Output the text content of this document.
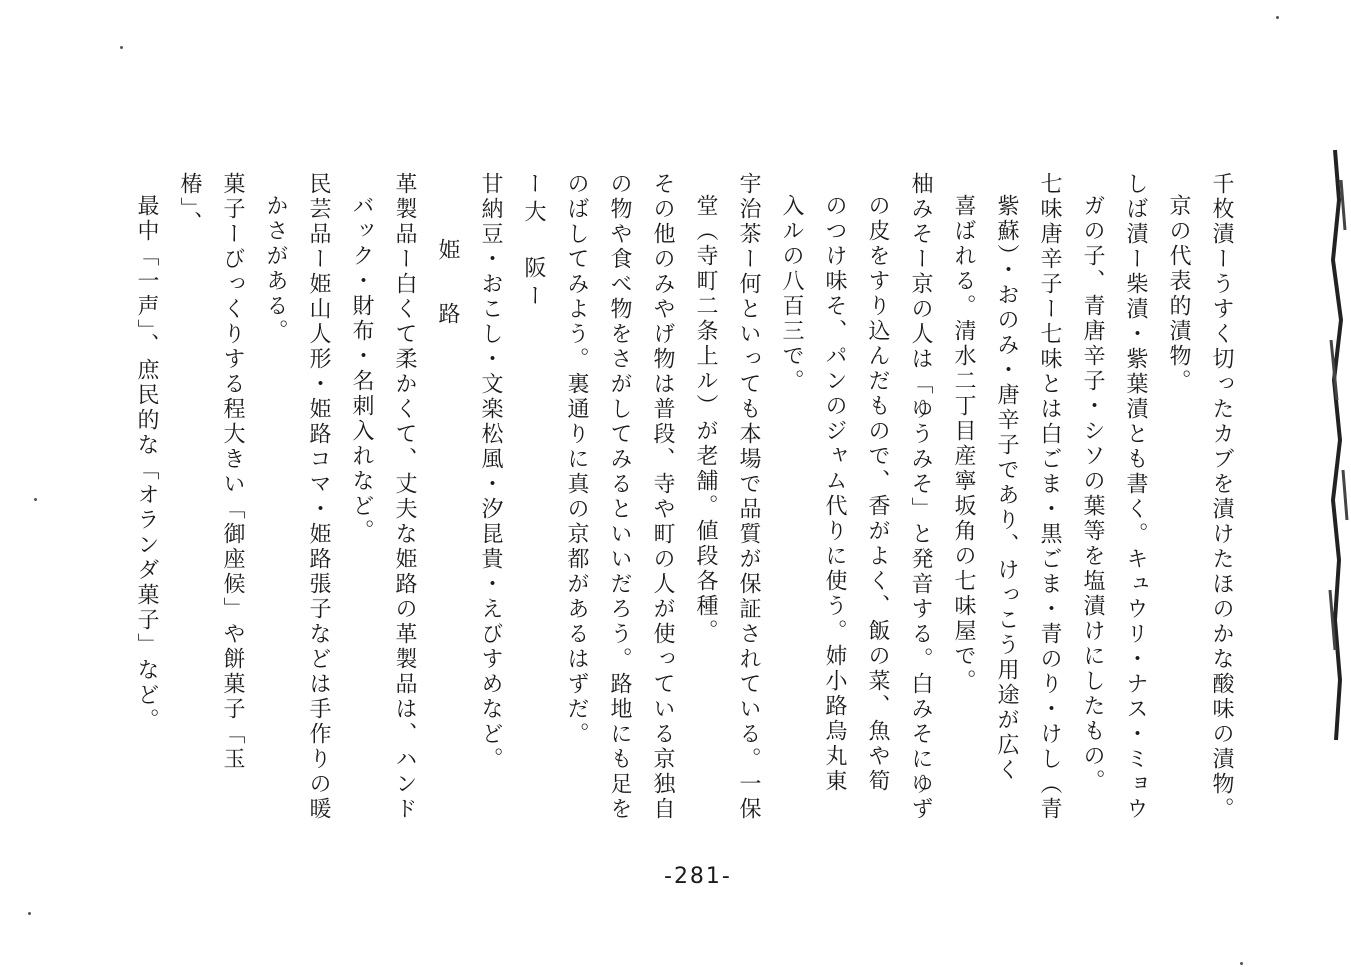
千枚漬ーうすく切ったカブを漬けたほのかな酸味の漬物。
京の代表的漬物。
しば漬ー柴漬・紫葉漬とも書く。キュウリ・ナス・ミョウ
ガの子、青唐辛子・シソの葉等を塩漬けにしたもの。
七味唐辛子ー七味とは白ごま・黒ごま・青のり・けし（青
紫蘇）・おのみ・唐辛子であり、けっこう用途が広く
喜ばれる。清水二丁目産寧坂角の七味屋で。
柚みそー京の人は「ゆうみそ」と発音する。白みそにゆず
の皮をすり込んだもので、香がよく、飯の菜、魚や筍
のつけ味そ、パンのジャム代りに使う。姉小路烏丸東
入ルの八百三で。
宇治茶ー何といっても本場で品質が保証されている。一保
堂（寺町二条上ル）が老舗。値段各種。
その他のみやげ物は普段、寺や町の人が使っている京独自
の物や食べ物をさがしてみるといいだろう。路地にも足を
のばしてみよう。裏通りに真の京都があるはずだ。
ー大　阪ー
甘納豆・おこし・文楽松風・汐昆貴・えびすめなど。
姫路
革製品ー白くて柔かくて、丈夫な姫路の革製品は、ハンド
バック・財布・名刺入れなど。
民芸品ー姫山人形・姫路コマ・姫路張子などは手作りの暖
かさがある。
菓子ーびっくりする程大きい「御座候」や餅菓子「玉椿」、
最中「一声」、庶民的な「オランダ菓子」など。
-281-
